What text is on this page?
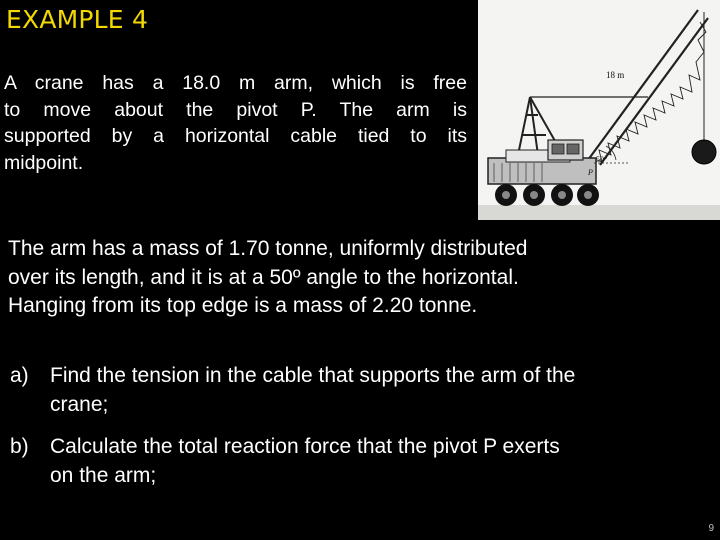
EXAMPLE 4
A crane has a 18.0 m arm, which is free
to move about the pivot P. The arm is
supported by a horizontal cable tied to its
midpoint.
18 m
50°
P
The arm has a mass of 1.70 tonne, uniformly distributed
over its length, and it is at a 50º angle to the horizontal.
Hanging from its top edge is a mass of 2.20 tonne.
a) Find the tension in the cable that supports the arm of the
crane;
b) Calculate the total reaction force that the pivot P exerts
on the arm;
9
